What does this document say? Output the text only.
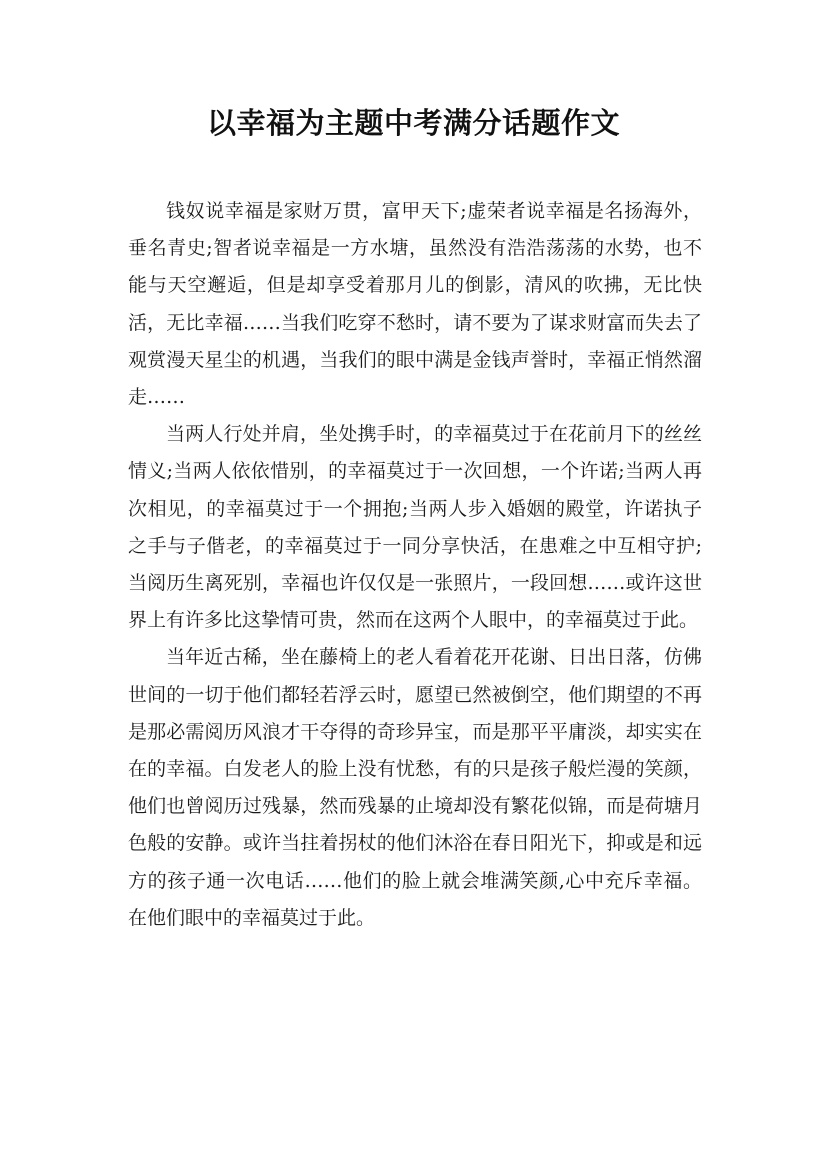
以幸福为主题中考满分话题作文

钱奴说幸福是家财万贯，富甲天下;虚荣者说幸福是名扬海外，垂名青史;智者说幸福是一方水塘，虽然没有浩浩荡荡的水势，也不能与天空邂逅，但是却享受着那月儿的倒影，清风的吹拂，无比快活，无比幸福……当我们吃穿不愁时，请不要为了谋求财富而失去了观赏漫天星尘的机遇，当我们的眼中满是金钱声誉时，幸福正悄然溜走……

当两人行处并肩，坐处携手时，的幸福莫过于在花前月下的丝丝情义;当两人依依惜别，的幸福莫过于一次回想，一个许诺;当两人再次相见，的幸福莫过于一个拥抱;当两人步入婚姻的殿堂，许诺执子之手与子偕老，的幸福莫过于一同分享快活，在患难之中互相守护;当阅历生离死别，幸福也许仅仅是一张照片，一段回想……或许这世界上有许多比这挚情可贵，然而在这两个人眼中，的幸福莫过于此。

当年近古稀，坐在藤椅上的老人看着花开花谢、日出日落，仿佛世间的一切于他们都轻若浮云时，愿望已然被倒空，他们期望的不再是那必需阅历风浪才干夺得的奇珍异宝，而是那平平庸淡，却实实在在的幸福。白发老人的脸上没有忧愁，有的只是孩子般烂漫的笑颜，他们也曾阅历过残暴，然而残暴的止境却没有繁花似锦，而是荷塘月色般的安静。或许当拄着拐杖的他们沐浴在春日阳光下，抑或是和远方的孩子通一次电话……他们的脸上就会堆满笑颜,心中充斥幸福。在他们眼中的幸福莫过于此。
